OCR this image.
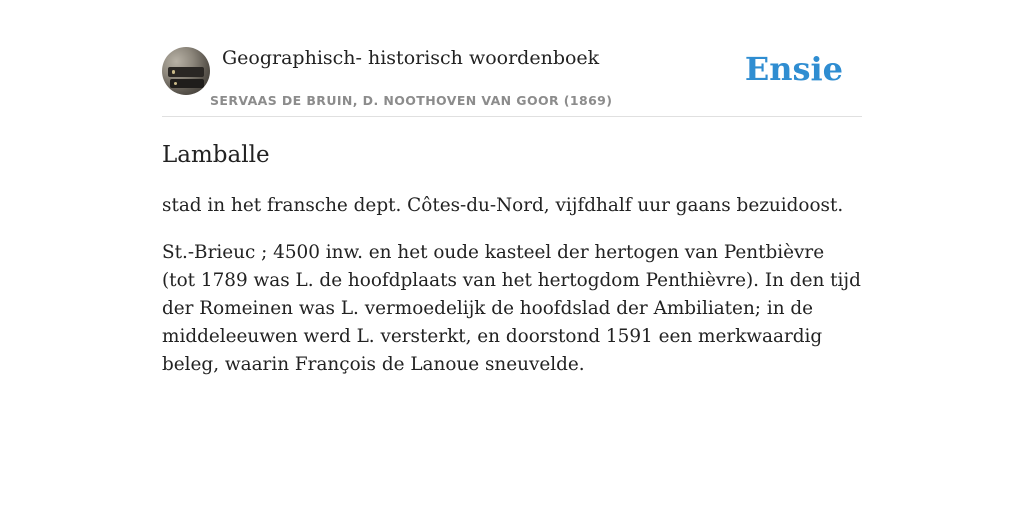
Geographisch- historisch woordenboek
SERVAAS DE BRUIN, D. NOOTHOVEN VAN GOOR (1869)
Ensie
Lamballe

stad in het fransche dept. Côtes-du-Nord, vijfdhalf uur gaans bezuidoost.

St.-Brieuc ; 4500 inw. en het oude kasteel der hertogen van Pentbièvre (tot 1789 was L. de hoofdplaats van het hertogdom Penthièvre). In den tijd der Romeinen was L. vermoedelijk de hoofdslad der Ambiliaten; in de middeleeuwen werd L. versterkt, en doorstond 1591 een merkwaardig beleg, waarin François de Lanoue sneuvelde.
